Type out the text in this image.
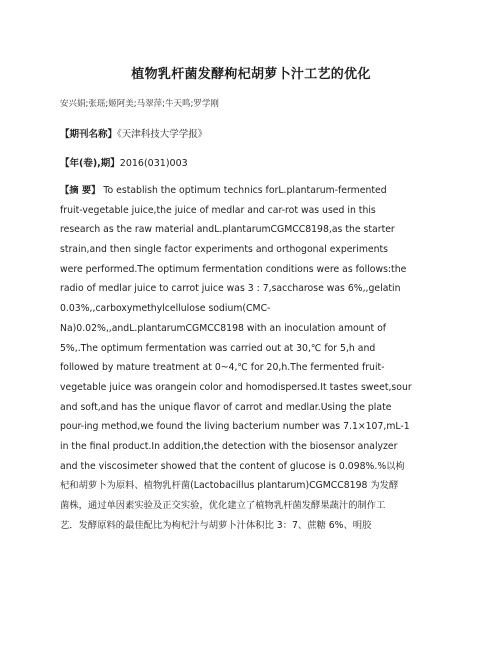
植物乳杆菌发酵枸杞胡萝卜汁工艺的优化
安兴娟;张瑶;姬阿美;马翠萍;牛天鸣;罗学刚
【期刊名称】《天津科技大学学报》
【年(卷),期】2016(031)003
【摘 要】 To establish the optimum technics forL.plantarum-fermented
fruit-vegetable juice,the juice of medlar and car-rot was used in this
research as the raw material andL.plantarumCGMCC8198,as the starter
strain,and then single factor experiments and orthogonal experiments
were performed.The optimum fermentation conditions were as follows:the
radio of medlar juice to carrot juice was 3 : 7,saccharose was 6%,,gelatin
0.03%,,carboxymethylcellulose sodium(CMC-
Na)0.02%,,andL.plantarumCGMCC8198 with an inoculation amount of
5%,.The optimum fermentation was carried out at 30,℃ for 5,h and
followed by mature treatment at 0~4,℃ for 20,h.The fermented fruit-
vegetable juice was orangein color and homodispersed.It tastes sweet,sour
and soft,and has the unique flavor of carrot and medlar.Using the plate
pour-ing method,we found the living bacterium number was 7.1×107,mL-1
in the final product.In addition,the detection with the biosensor analyzer
and the viscosimeter showed that the content of glucose is 0.098%.%以枸
杞和胡萝卜为原料、植物乳杆菌(Lactobacillus plantarum)CGMCC8198 为发酵
菌株，通过单因素实验及正交实验，优化建立了植物乳杆菌发酵果蔬汁的制作工
艺．发酵原料的最佳配比为枸杞汁与胡萝卜汁体积比 3：7、蔗糖 6%、明胶
